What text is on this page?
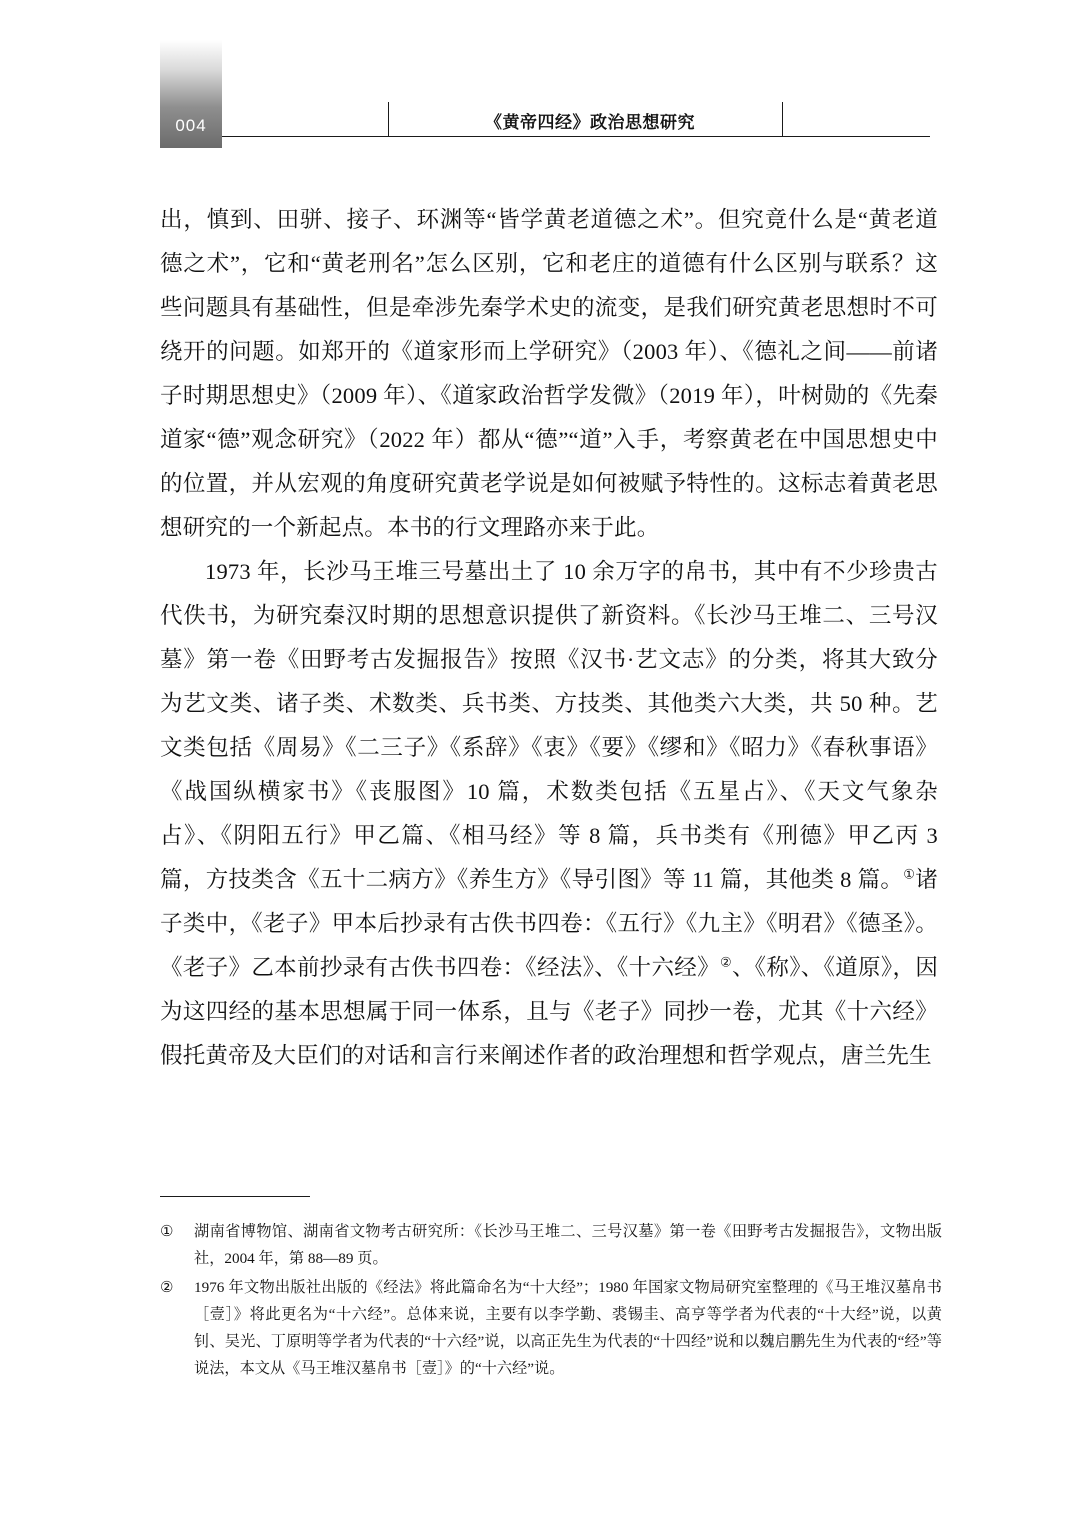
004	《黄帝四经》政治思想研究

出，慎到、田骈、接子、环渊等“皆学黄老道德之术”。但究竟什么是“黄老道德之术”，它和“黄老刑名”怎么区别，它和老庄的道德有什么区别与联系？这些问题具有基础性，但是牵涉先秦学术史的流变，是我们研究黄老思想时不可绕开的问题。如郑开的《道家形而上学研究》（2003 年）、《德礼之间——前诸子时期思想史》（2009 年）、《道家政治哲学发微》（2019 年），叶树勋的《先秦道家“德”观念研究》（2022 年）都从“德”“道”入手，考察黄老在中国思想史中的位置，并从宏观的角度研究黄老学说是如何被赋予特性的。这标志着黄老思想研究的一个新起点。本书的行文理路亦来于此。

1973 年，长沙马王堆三号墓出土了 10 余万字的帛书，其中有不少珍贵古代佚书，为研究秦汉时期的思想意识提供了新资料。《长沙马王堆二、三号汉墓》第一卷《田野考古发掘报告》按照《汉书·艺文志》的分类，将其大致分为艺文类、诸子类、术数类、兵书类、方技类、其他类六大类，共 50 种。艺文类包括《周易》《二三子》《系辞》《衷》《要》《缪和》《昭力》《春秋事语》《战国纵横家书》《丧服图》10 篇，术数类包括《五星占》、《天文气象杂占》、《阴阳五行》甲乙篇、《相马经》等 8 篇，兵书类有《刑德》甲乙丙 3 篇，方技类含《五十二病方》《养生方》《导引图》等 11 篇，其他类 8 篇。①诸子类中，《老子》甲本后抄录有古佚书四卷：《五行》《九主》《明君》《德圣》。《老子》乙本前抄录有古佚书四卷：《经法》、《十六经》②、《称》、《道原》，因为这四经的基本思想属于同一体系，且与《老子》同抄一卷，尤其《十六经》假托黄帝及大臣们的对话和言行来阐述作者的政治理想和哲学观点，唐兰先生

①	湖南省博物馆、湖南省文物考古研究所：《长沙马王堆二、三号汉墓》第一卷《田野考古发掘报告》，文物出版社，2004 年，第 88—89 页。
②	1976 年文物出版社出版的《经法》将此篇命名为“十大经”；1980 年国家文物局研究室整理的《马王堆汉墓帛书［壹］》将此更名为“十六经”。总体来说，主要有以李学勤、裘锡圭、高亨等学者为代表的“十大经”说，以黄钊、吴光、丁原明等学者为代表的“十六经”说，以高正先生为代表的“十四经”说和以魏启鹏先生为代表的“经”等说法，本文从《马王堆汉墓帛书［壹］》的“十六经”说。
